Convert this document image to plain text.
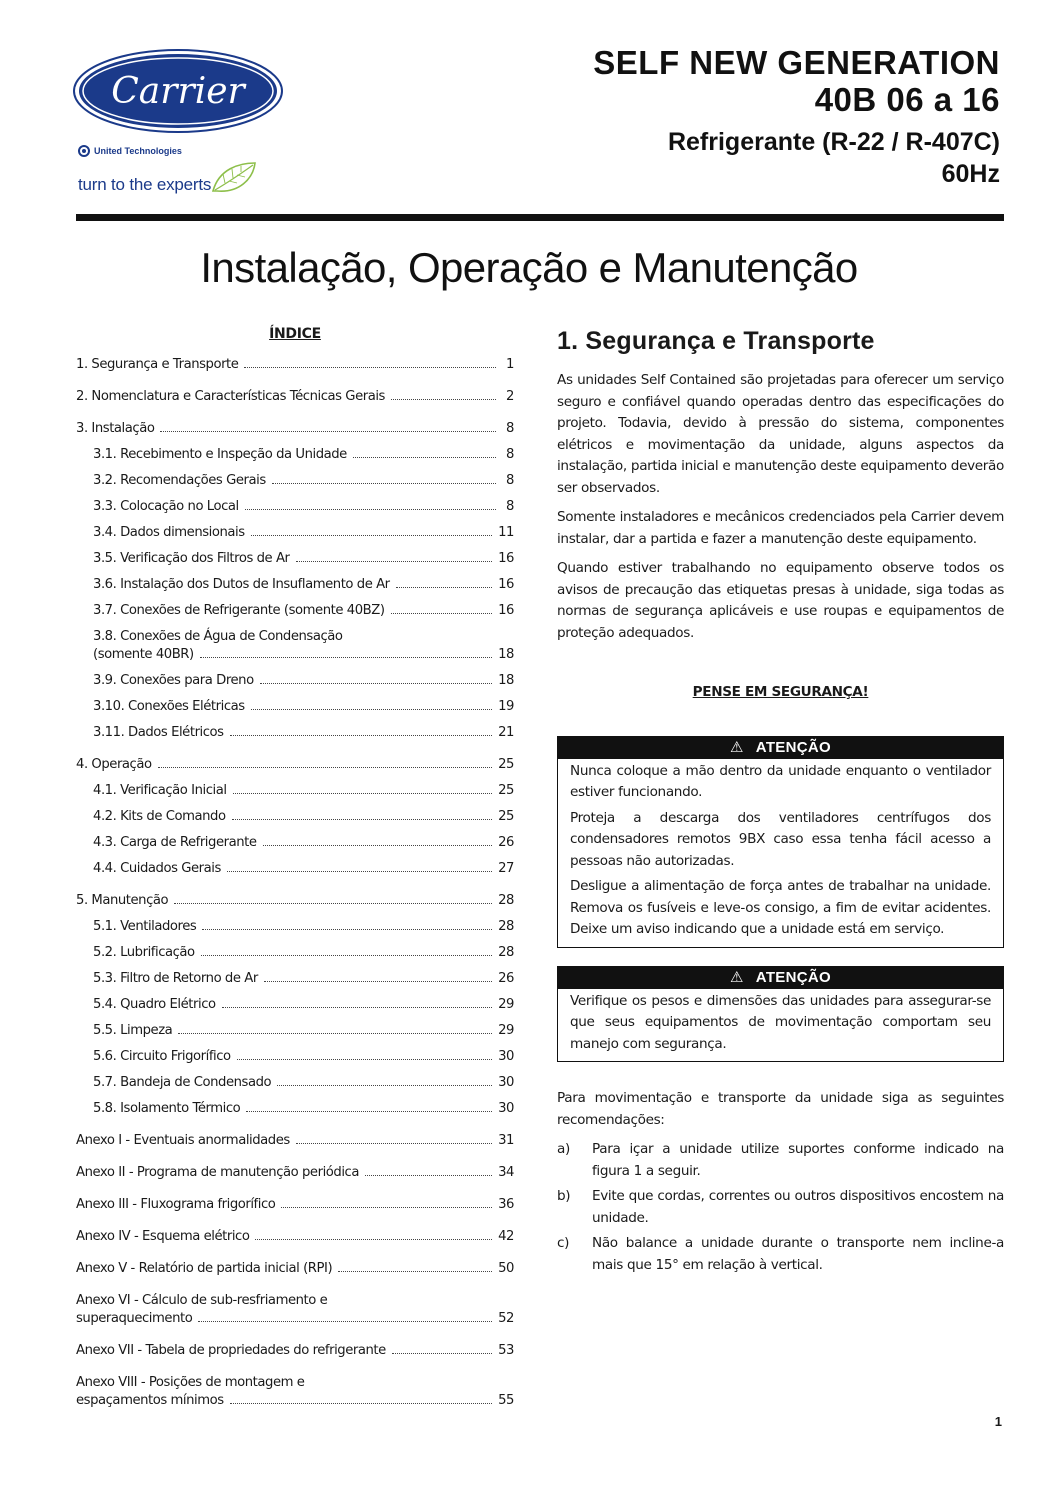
Carrier
United Technologies
turn to the experts
SELF NEW GENERATION
40B 06 a 16
Refrigerante (R-22 / R-407C)
60Hz
Instalação, Operação e Manutenção
ÍNDICE
1. Segurança e Transporte	1
2. Nomenclatura e Características Técnicas Gerais	2
3. Instalação	8
3.1. Recebimento e Inspeção da Unidade	8
3.2. Recomendações Gerais	8
3.3. Colocação no Local	8
3.4. Dados dimensionais	11
3.5. Verificação dos Filtros de Ar	16
3.6. Instalação dos Dutos de Insuflamento de Ar	16
3.7. Conexões de Refrigerante (somente 40BZ)	16
3.8. Conexões de Água de Condensação
(somente 40BR)	18
3.9. Conexões para Dreno	18
3.10. Conexões Elétricas	19
3.11. Dados Elétricos	21
4. Operação	25
4.1. Verificação Inicial	25
4.2. Kits de Comando	25
4.3. Carga de Refrigerante	26
4.4. Cuidados Gerais	27
5. Manutenção	28
5.1. Ventiladores	28
5.2. Lubrificação	28
5.3. Filtro de Retorno de Ar	26
5.4. Quadro Elétrico	29
5.5. Limpeza	29
5.6. Circuito Frigorífico	30
5.7. Bandeja de Condensado	30
5.8. Isolamento Térmico	30
Anexo I - Eventuais anormalidades	31
Anexo II - Programa de manutenção periódica	34
Anexo III - Fluxograma frigorífico	36
Anexo IV - Esquema elétrico	42
Anexo V - Relatório de partida inicial (RPI)	50
Anexo VI - Cálculo de sub-resfriamento e
superaquecimento	52
Anexo VII - Tabela de propriedades do refrigerante	53
Anexo VIII - Posições de montagem e
espaçamentos mínimos	55
1. Segurança e Transporte

As unidades Self Contained são projetadas para oferecer um serviço seguro e confiável quando operadas dentro das especificações do projeto. Todavia, devido à pressão do sistema, componentes elétricos e movimentação da unidade, alguns aspectos da instalação, partida inicial e manutenção deste equipamento deverão ser observados.

Somente instaladores e mecânicos credenciados pela Carrier devem instalar, dar a partida e fazer a manutenção deste equipamento.

Quando estiver trabalhando no equipamento observe todos os avisos de precaução das etiquetas presas à unidade, siga todas as normas de segurança aplicáveis e use roupas e equipamentos de proteção adequados.

PENSE EM SEGURANÇA!
⚠ ATENÇÃO

Nunca coloque a mão dentro da unidade enquanto o ventilador estiver funcionando.

Proteja a descarga dos ventiladores centrífugos dos condensadores remotos 9BX caso essa tenha fácil acesso a pessoas não autorizadas.

Desligue a alimentação de força antes de trabalhar na unidade. Remova os fusíveis e leve-os consigo, a fim de evitar acidentes. Deixe um aviso indicando que a unidade está em serviço.

⚠ ATENÇÃO

Verifique os pesos e dimensões das unidades para assegurar-se que seus equipamentos de movimentação comportam seu manejo com segurança.

Para movimentação e transporte da unidade siga as seguintes recomendações:

a)	Para içar a unidade utilize suportes conforme indicado na figura 1 a seguir.
b)	Evite que cordas, correntes ou outros dispositivos encostem na unidade.
c)	Não balance a unidade durante o transporte nem incline-a mais que 15° em relação à vertical.
1
